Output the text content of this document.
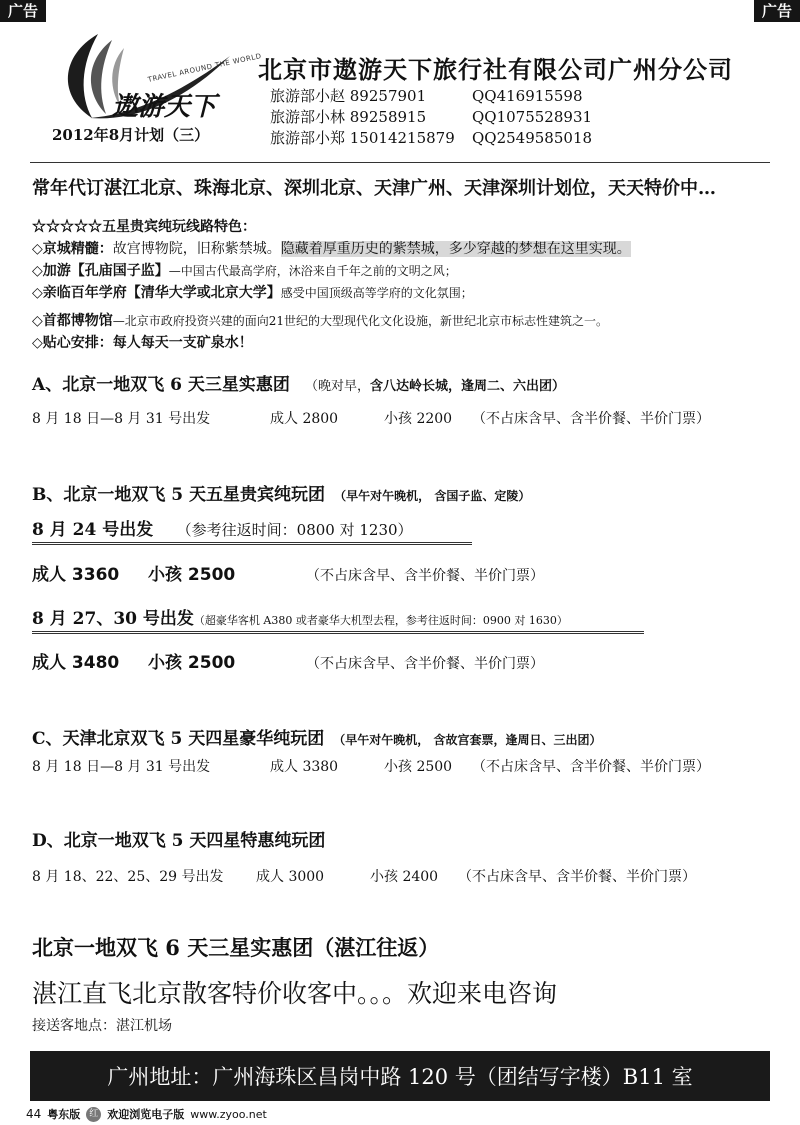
广告	广告
TRAVEL AROUND THE WORLD
遨游天下
2012年8月计划（三）
北京市遨游天下旅行社有限公司广州分公司
旅游部小赵 89257901	QQ416915598
旅游部小林 89258915	QQ1075528931
旅游部小郑 15014215879 QQ2549585018
常年代订湛江北京、珠海北京、深圳北京、天津广州、天津深圳计划位，天天特价中…
☆☆☆☆☆五星贵宾纯玩线路特色：
◇京城精髓：故宫博物院，旧称紫禁城。隐藏着厚重历史的紫禁城，多少穿越的梦想在这里实现。
◇加游【孔庙国子监】—中国古代最高学府，沐浴来自千年之前的文明之风；
◇亲临百年学府【清华大学或北京大学】感受中国顶级高等学府的文化氛围；
◇首都博物馆—北京市政府投资兴建的面向21世纪的大型现代化文化设施，新世纪北京市标志性建筑之一。
◇贴心安排：每人每天一支矿泉水！
A、北京一地双飞 6 天三星实惠团 （晚对早，含八达岭长城，逢周二、六出团）
8 月 18 日—8 月 31 号出发	成人 2800	小孩 2200 （不占床含早、含半价餐、半价门票）
B、北京一地双飞 5 天五星贵宾纯玩团 （早午对午晚机， 含国子监、定陵）
8 月 24 号出发 （参考往返时间：0800 对 1230）
成人 3360 小孩 2500	（不占床含早、含半价餐、半价门票）
8 月 27、30 号出发（超豪华客机 A380 或者豪华大机型去程，参考往返时间：0900 对 1630）
成人 3480 小孩 2500	（不占床含早、含半价餐、半价门票）
C、天津北京双飞 5 天四星豪华纯玩团 （早午对午晚机， 含故宫套票，逢周日、三出团）
8 月 18 日—8 月 31 号出发	成人 3380	小孩 2500 （不占床含早、含半价餐、半价门票）
D、北京一地双飞 5 天四星特惠纯玩团
8 月 18、22、25、29 号出发 成人 3000	小孩 2400 （不占床含早、含半价餐、半价门票）
北京一地双飞 6 天三星实惠团（湛江往返）
湛江直飞北京散客特价收客中。。。欢迎来电咨询
接送客地点：湛江机场
广州地址：广州海珠区昌岗中路 120 号（团结写字楼）B11 室
44 粤东版 红 欢迎浏览电子版 www.zyoo.net
